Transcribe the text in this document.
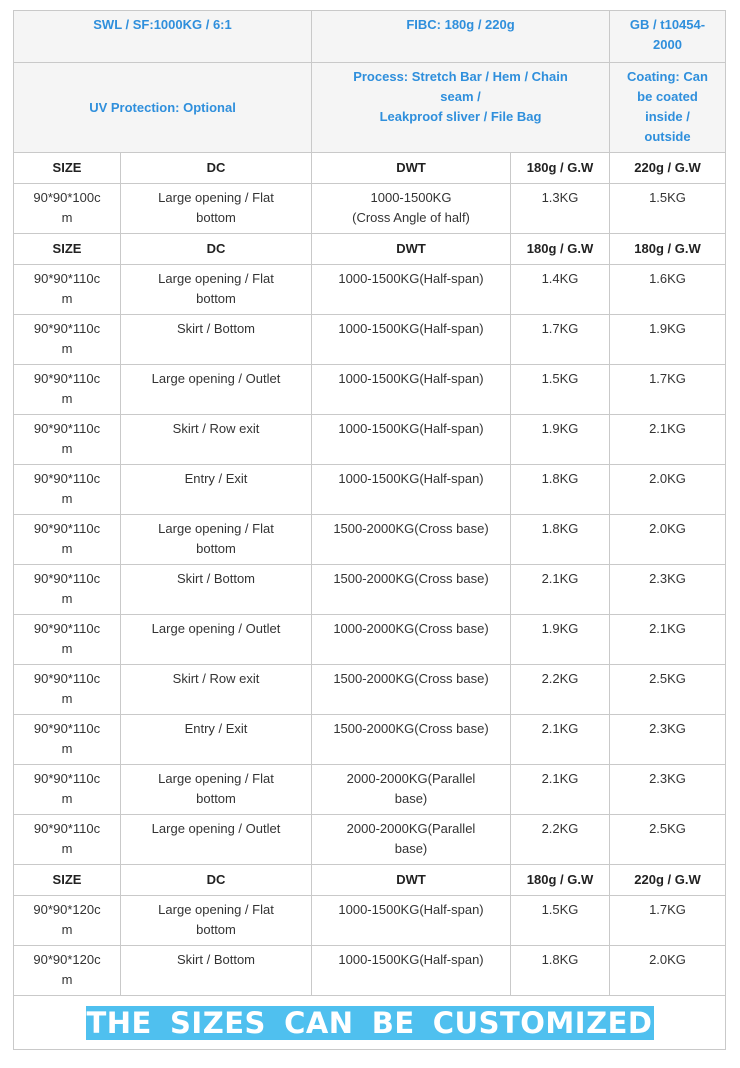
SWL / SF:1000KG / 6:1		FIBC: 180g / 220g		GB / t10454-
2000

UV Protection: Optional		Process: Stretch Bar / Hem / Chain
seam /
Leakproof sliver / File Bag		Coating: Can
be coated
inside /
outside

SIZE	DC	DWT	180g / G.W	220g / G.W

90*90*100c
m	Large opening / Flat
bottom	1000-1500KG
(Cross Angle of half)	1.3KG	1.5KG
SIZE	DC	DWT	180g / G.W	180g / G.W

90*90*110c
m	Large opening / Flat
bottom	1000-1500KG(Half-span)	1.4KG	1.6KG

90*90*110c
m	Skirt / Bottom	1000-1500KG(Half-span)	1.7KG	1.9KG

90*90*110c
m	Large opening / Outlet	1000-1500KG(Half-span)	1.5KG	1.7KG

90*90*110c
m	Skirt / Row exit	1000-1500KG(Half-span)	1.9KG	2.1KG

90*90*110c
m	Entry / Exit	1000-1500KG(Half-span)	1.8KG	2.0KG

90*90*110c
m	Large opening / Flat
bottom	1500-2000KG(Cross base)	1.8KG	2.0KG

90*90*110c
m	Skirt / Bottom	1500-2000KG(Cross base)	2.1KG	2.3KG

90*90*110c
m	Large opening / Outlet	1000-2000KG(Cross base)	1.9KG	2.1KG

90*90*110c
m	Skirt / Row exit	1500-2000KG(Cross base)	2.2KG	2.5KG

90*90*110c
m	Entry / Exit	1500-2000KG(Cross base)	2.1KG	2.3KG

90*90*110c
m	Large opening / Flat
bottom	2000-2000KG(Parallel
base)	2.1KG	2.3KG

90*90*110c
m	Large opening / Outlet	2000-2000KG(Parallel
base)	2.2KG	2.5KG
SIZE	DC	DWT	180g / G.W	220g / G.W

90*90*120c
m	Large opening / Flat
bottom	1000-1500KG(Half-span)	1.5KG	1.7KG

90*90*120c
m	Skirt / Bottom	1000-1500KG(Half-span)	1.8KG	2.0KG
THE SIZES CAN BE CUSTOMIZED				
